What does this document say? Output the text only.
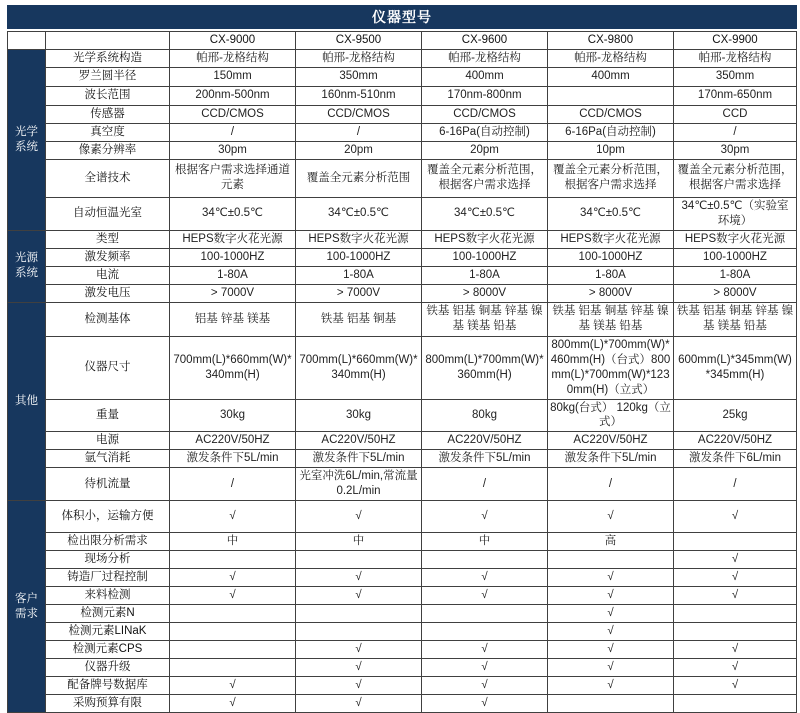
仪器型号
		CX-9000	CX-9500	CX-9600	CX-9800	CX-9900
光学系统	光学系统构造	帕邢-龙格结构	帕邢-龙格结构	帕邢-龙格结构	帕邢-龙格结构	帕邢-龙格结构
	罗兰圆半径	150mm	350mm	400mm	400mm	350mm
	波长范围	200nm-500nm	160nm-510nm	170nm-800nm		170nm-650nm
	传感器	CCD/CMOS	CCD/CMOS	CCD/CMOS	CCD/CMOS	CCD
	真空度	/	/	6-16Pa(自动控制)	6-16Pa(自动控制)	/
	像素分辨率	30pm	20pm	20pm	10pm	30pm
	全谱技术	根据客户需求选择通道元素	覆盖全元素分析范围	覆盖全元素分析范围，根据客户需求选择	覆盖全元素分析范围，根据客户需求选择	覆盖全元素分析范围，根据客户需求选择
	自动恒温光室	34℃±0.5℃	34℃±0.5℃	34℃±0.5℃	34℃±0.5℃	34℃±0.5℃（实验室环境）
光源系统	类型	HEPS数字火花光源	HEPS数字火花光源	HEPS数字火花光源	HEPS数字火花光源	HEPS数字火花光源
	激发频率	100-1000HZ	100-1000HZ	100-1000HZ	100-1000HZ	100-1000HZ
	电流	1-80A	1-80A	1-80A	1-80A	1-80A
	激发电压	> 7000V	> 7000V	> 8000V	> 8000V	> 8000V
其他	检测基体	铝基 锌基 镁基	铁基 铝基 铜基	铁基 铝基 铜基 锌基 镍基 镁基 铅基	铁基 铝基 铜基 锌基 镍基 镁基 铅基	铁基 铝基 铜基 锌基 镍基 镁基 铅基
	仪器尺寸	700mm(L)*660mm(W)*340mm(H)	700mm(L)*660mm(W)*340mm(H)	800mm(L)*700mm(W)*360mm(H)	800mm(L)*700mm(W)*460mm(H)（台式）800mm(L)*700mm(W)*1230mm(H)（立式）	600mm(L)*345mm(W)*345mm(H)
	重量	30kg	30kg	80kg	80kg(台式） 120kg（立式）	25kg
	电源	AC220V/50HZ	AC220V/50HZ	AC220V/50HZ	AC220V/50HZ	AC220V/50HZ
	氩气消耗	激发条件下5L/min	激发条件下5L/min	激发条件下5L/min	激发条件下5L/min	激发条件下6L/min
	待机流量	/	光室冲洗6L/min,常流量0.2L/min	/	/	/
客户需求	体积小，运输方便	√	√	√	√	√
	检出限分析需求	中	中	中	高	
	现场分析					√
	铸造厂过程控制	√	√	√	√	√
	来料检测	√	√	√	√	√
	检测元素N				√	
	检测元素LINaK				√	
	检测元素CPS		√	√	√	√
	仪器升级		√	√	√	√
	配备牌号数据库	√	√	√	√	√
	采购预算有限	√	√	√		
